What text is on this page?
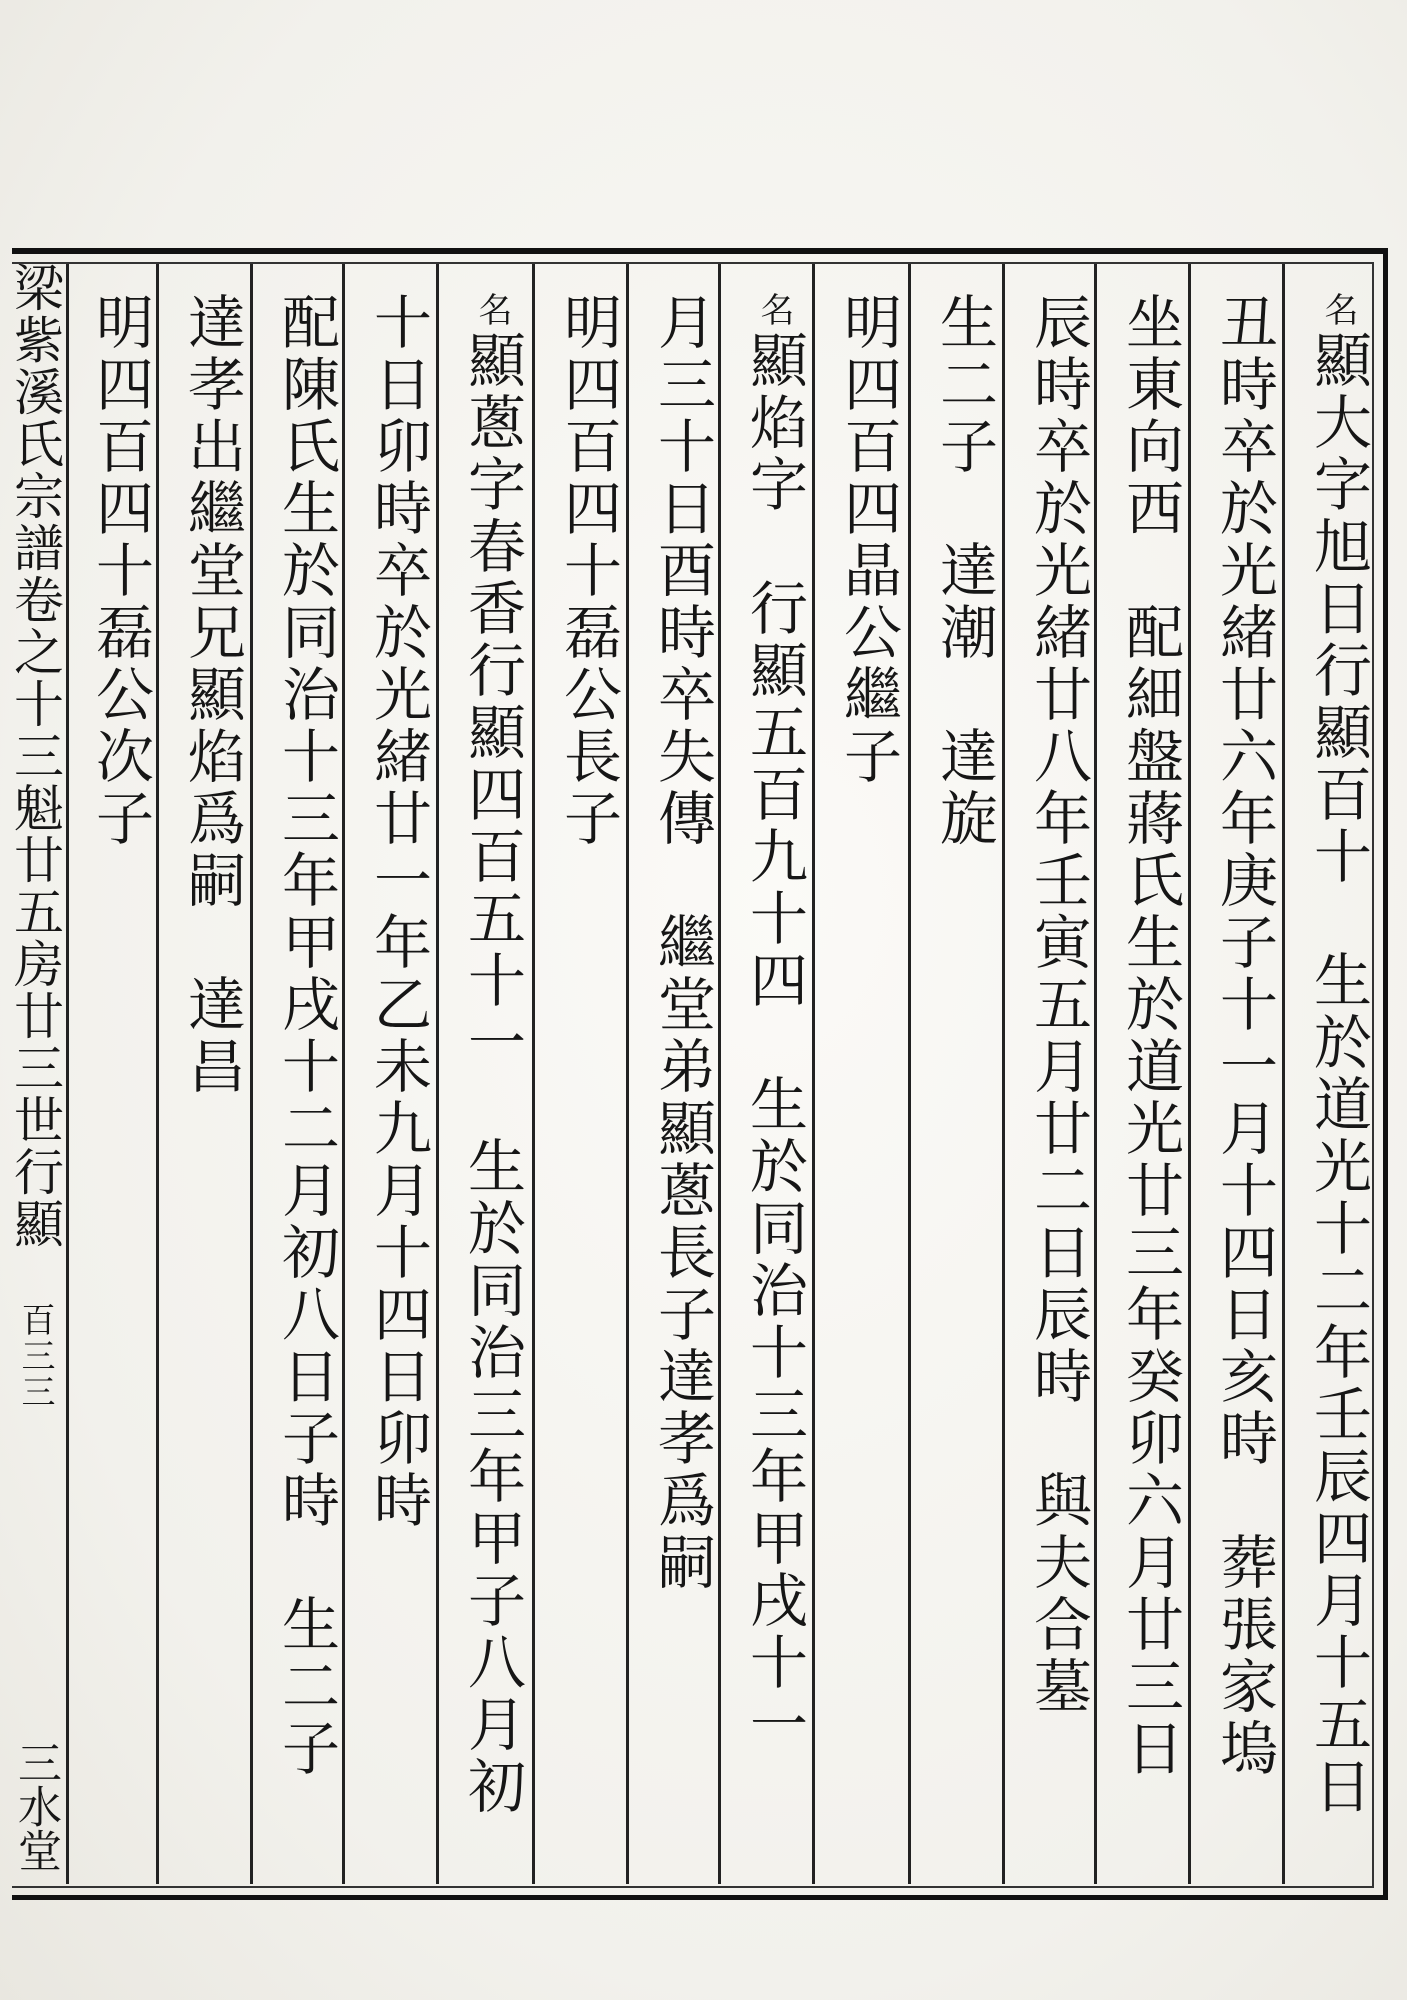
名顯大字旭日行顯百十　生於道光十二年壬辰四月十五日
丑時卒於光緒廿六年庚子十一月十四日亥時　葬張家塢
坐東向西　配細盤蔣氏生於道光廿三年癸卯六月廿三日
辰時卒於光緒廿八年壬寅五月廿二日辰時　與夫合墓
生二子　達潮　達旋
明四百四晶公繼子
名顯焰字　行顯五百九十四　生於同治十三年甲戌十一
月三十日酉時卒失傳　繼堂弟顯蔥長子達孝爲嗣
明四百四十磊公長子
名顯蔥字春香行顯四百五十一　生於同治三年甲子八月初
十日卯時卒於光緒廿一年乙未九月十四日卯時
配陳氏生於同治十三年甲戌十二月初八日子時　生二子
達孝出繼堂兄顯焰爲嗣　達昌
明四百四十磊公次子
梁紫溪氏宗譜卷之十三魁廿五房廿三世行顯　百三三
三水堂
